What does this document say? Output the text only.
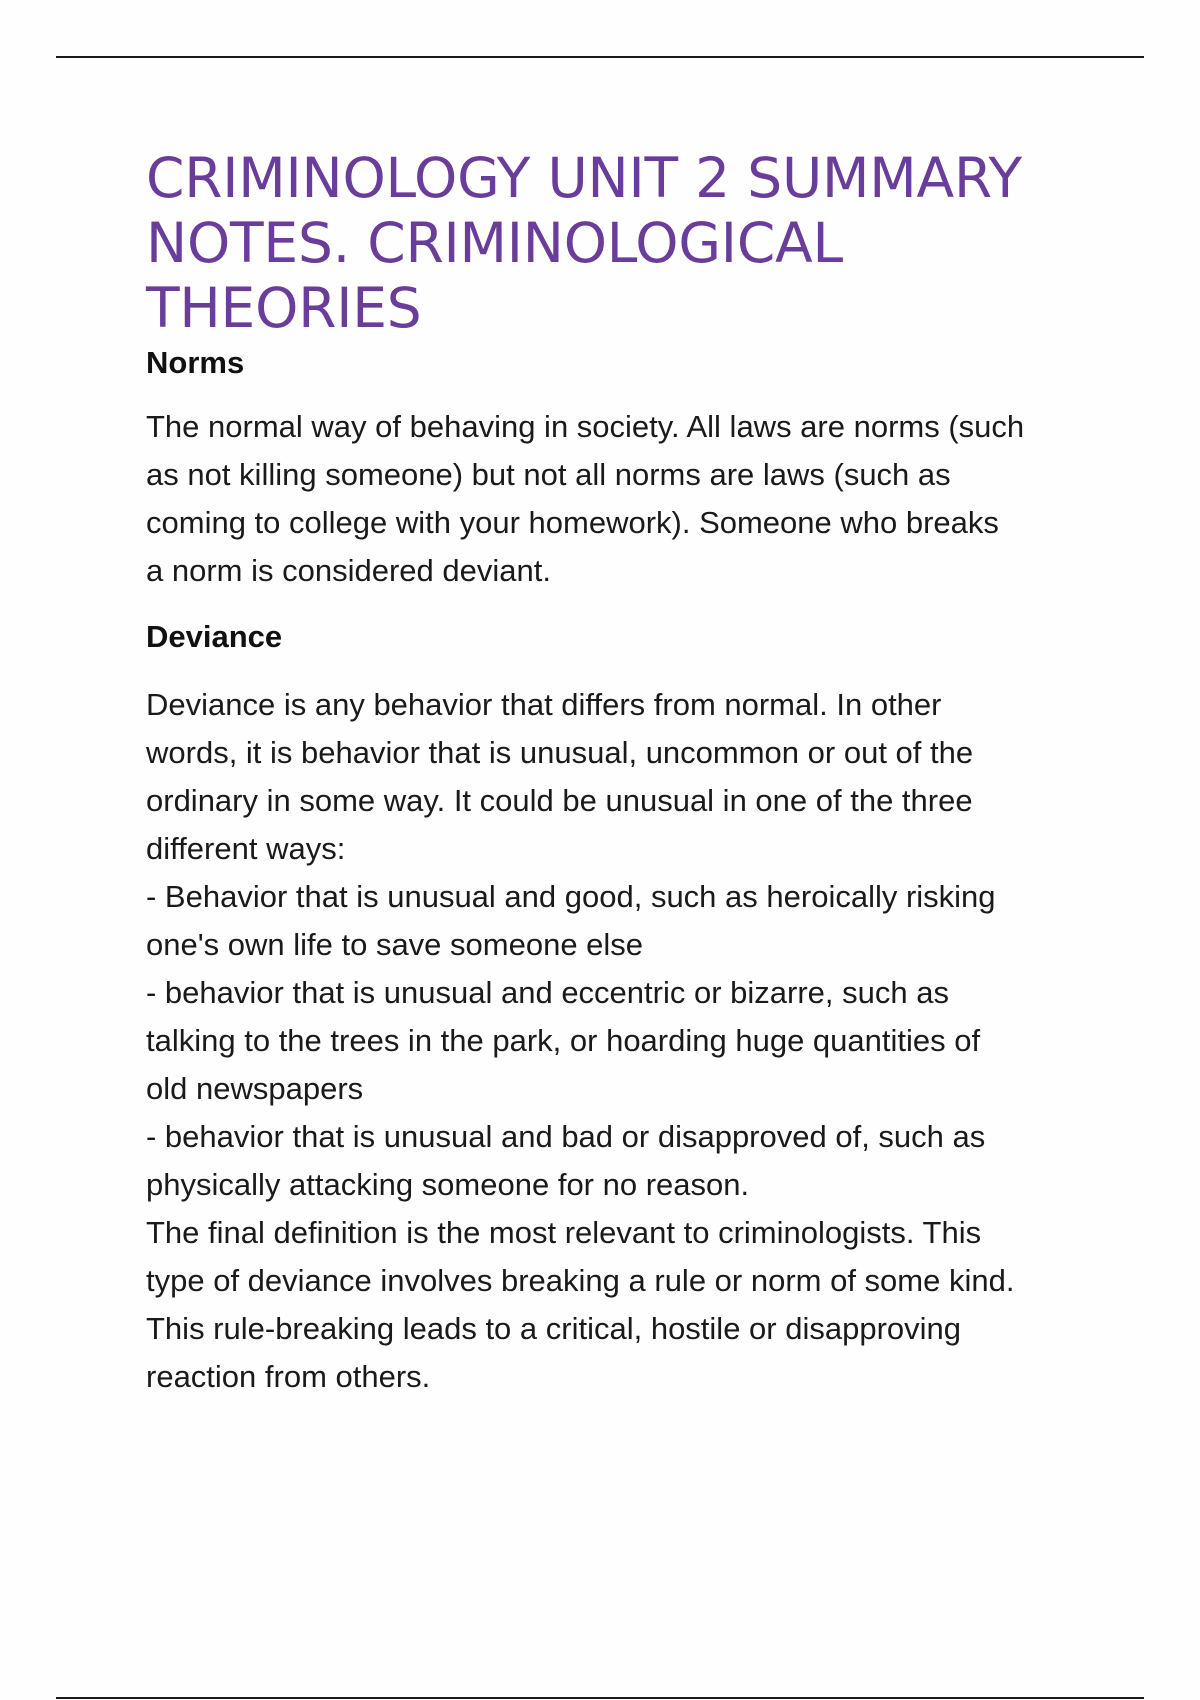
CRIMINOLOGY UNIT 2 SUMMARY
NOTES. CRIMINOLOGICAL
THEORIES
Norms

The normal way of behaving in society. All laws are norms (such
as not killing someone) but not all norms are laws (such as
coming to college with your homework). Someone who breaks
a norm is considered deviant.

Deviance

Deviance is any behavior that differs from normal. In other
words, it is behavior that is unusual, uncommon or out of the
ordinary in some way. It could be unusual in one of the three
different ways:
- Behavior that is unusual and good, such as heroically risking
one's own life to save someone else
- behavior that is unusual and eccentric or bizarre, such as
talking to the trees in the park, or hoarding huge quantities of
old newspapers
- behavior that is unusual and bad or disapproved of, such as
physically attacking someone for no reason.
The final definition is the most relevant to criminologists. This
type of deviance involves breaking a rule or norm of some kind.
This rule-breaking leads to a critical, hostile or disapproving
reaction from others.
